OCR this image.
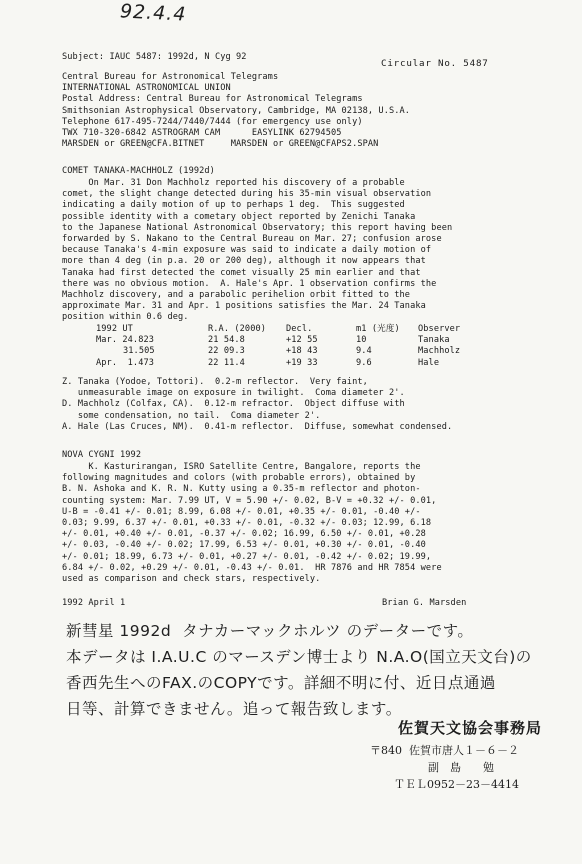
92.4.4
Subject: IAUC 5487: 1992d, N Cyg 92
Circular No. 5487
Central Bureau for Astronomical Telegrams
INTERNATIONAL ASTRONOMICAL UNION
Postal Address: Central Bureau for Astronomical Telegrams
Smithsonian Astrophysical Observatory, Cambridge, MA 02138, U.S.A.
Telephone 617-495-7244/7440/7444 (for emergency use only)
TWX 710-320-6842 ASTROGRAM CAM      EASYLINK 62794505
MARSDEN or GREEN@CFA.BITNET     MARSDEN or GREEN@CFAPS2.SPAN
COMET TANAKA-MACHHOLZ (1992d)
On Mar. 31 Don Machholz reported his discovery of a probable
comet, the slight change detected during his 35-min visual observation
indicating a daily motion of up to perhaps 1 deg.  This suggested
possible identity with a cometary object reported by Zenichi Tanaka
to the Japanese National Astronomical Observatory; this report having been
forwarded by S. Nakano to the Central Bureau on Mar. 27; confusion arose
because Tanaka's 4-min exposure was said to indicate a daily motion of
more than 4 deg (in p.a. 20 or 200 deg), although it now appears that
Tanaka had first detected the comet visually 25 min earlier and that
there was no obvious motion.  A. Hale's Apr. 1 observation confirms the
Machholz discovery, and a parabolic perihelion orbit fitted to the
approximate Mar. 31 and Apr. 1 positions satisfies the Mar. 24 Tanaka
position within 0.6 deg.
1992 UT	R.A. (2000)	Decl.	m1 (光度)	Observer
Mar. 24.823	21 54.8	+12 55	10	Tanaka
31.505	22 09.3	+18 43	9.4	Machholz
Apr.  1.473	22 11.4	+19 33	9.6	Hale
Z. Tanaka (Yodoe, Tottori).  0.2-m reflector.  Very faint,
unmeasurable image on exposure in twilight.  Coma diameter 2'.
D. Machholz (Colfax, CA).  0.12-m refractor.  Object diffuse with
some condensation, no tail.  Coma diameter 2'.
A. Hale (Las Cruces, NM).  0.41-m reflector.  Diffuse, somewhat condensed.
NOVA CYGNI 1992
K. Kasturirangan, ISRO Satellite Centre, Bangalore, reports the
following magnitudes and colors (with probable errors), obtained by
B. N. Ashoka and K. R. N. Kutty using a 0.35-m reflector and photon-
counting system: Mar. 7.99 UT, V = 5.90 +/- 0.02, B-V = +0.32 +/- 0.01,
U-B = -0.41 +/- 0.01; 8.99, 6.08 +/- 0.01, +0.35 +/- 0.01, -0.40 +/-
0.03; 9.99, 6.37 +/- 0.01, +0.33 +/- 0.01, -0.32 +/- 0.03; 12.99, 6.18
+/- 0.01, +0.40 +/- 0.01, -0.37 +/- 0.02; 16.99, 6.50 +/- 0.01, +0.28
+/- 0.03, -0.40 +/- 0.02; 17.99, 6.53 +/- 0.01, +0.30 +/- 0.01, -0.40
+/- 0.01; 18.99, 6.73 +/- 0.01, +0.27 +/- 0.01, -0.42 +/- 0.02; 19.99,
6.84 +/- 0.02, +0.29 +/- 0.01, -0.43 +/- 0.01.  HR 7876 and HR 7854 were
used as comparison and check stars, respectively.
1992 April 1	Brian G. Marsden
新彗星 1992d  タナカーマックホルツ のデーターです。
本データは I.A.U.C のマースデン博士より N.A.O(国立天文台)の
香西先生へのFAX.のCOPYです。詳細不明に付、近日点通過
日等、計算できません。追って報告致します。
佐賀天文協会事務局
〒840  佐賀市唐人１－６－２
副　島　　勉
ＴＥＬ0952－23－4414
